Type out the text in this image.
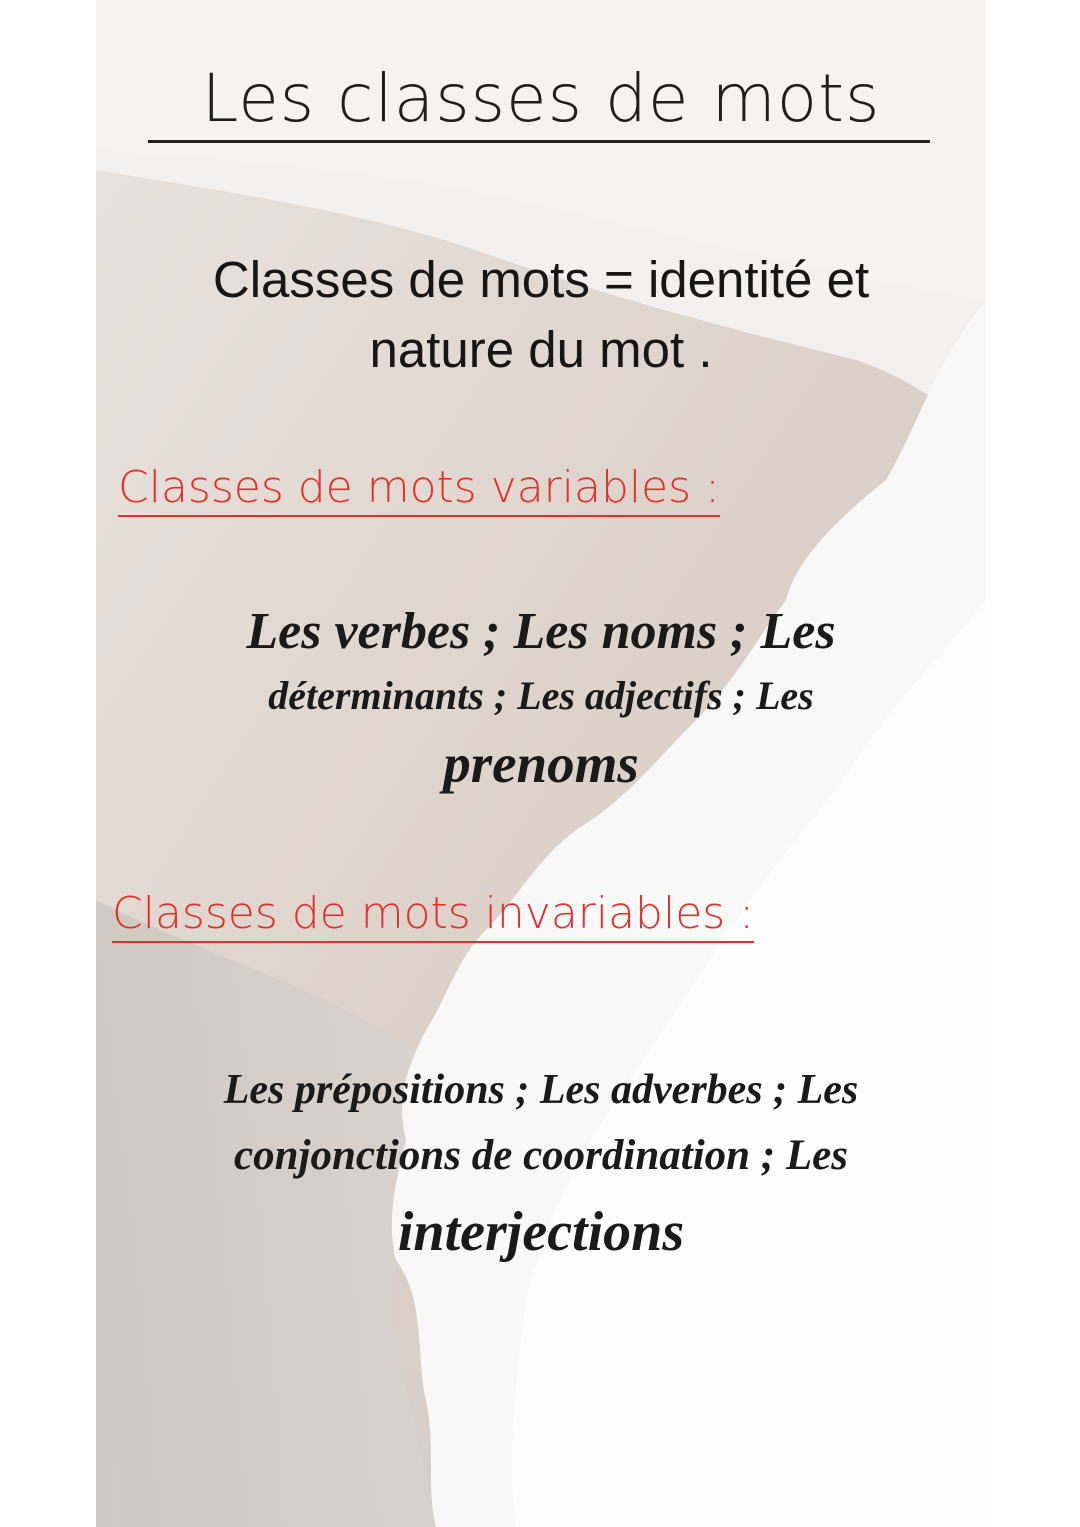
Les classes de mots
Classes de mots = identité et
nature du mot .
Classes de mots variables :
Les verbes ; Les noms ; Les
déterminants ; Les adjectifs ; Les
prenoms
Classes de mots invariables :
Les prépositions ; Les adverbes ; Les
conjonctions de coordination ; Les
interjections
